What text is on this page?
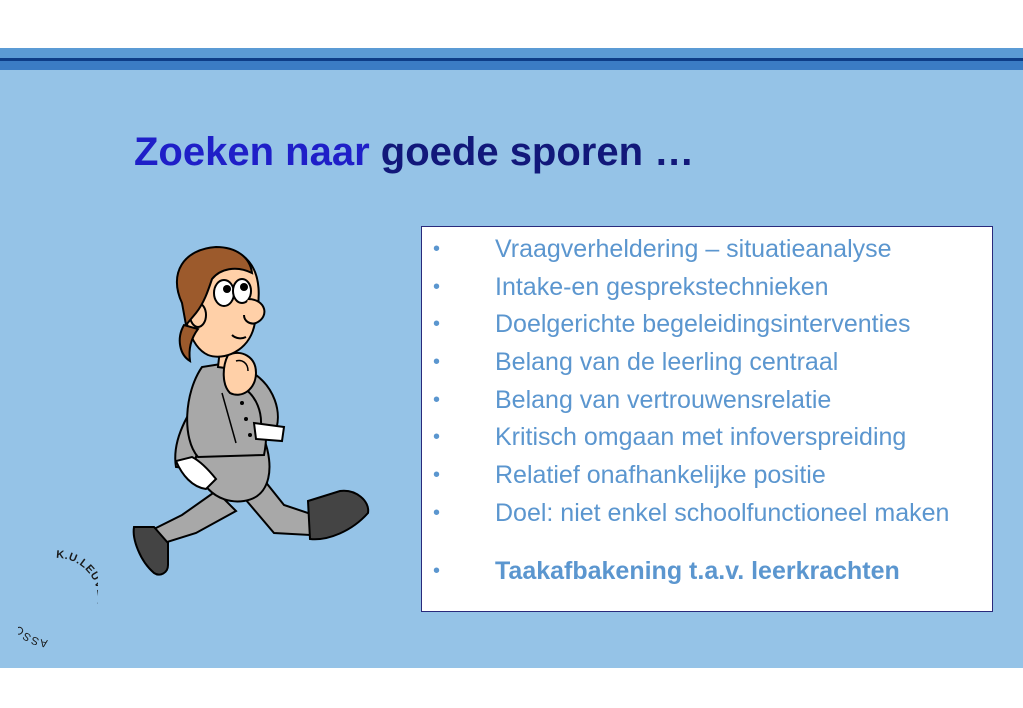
Zoeken naar goede sporen …
• Vraagverheldering – situatieanalyse
• Intake-en gesprekstechnieken
• Doelgerichte begeleidingsinterventies
• Belang van de leerling centraal
• Belang van vertrouwensrelatie
• Kritisch omgaan met infoverspreiding
• Relatief onafhankelijke positie
• Doel: niet enkel schoolfunctioneel maken
• Taakafbakening t.a.v. leerkrachten
ASS
K.U.LE
